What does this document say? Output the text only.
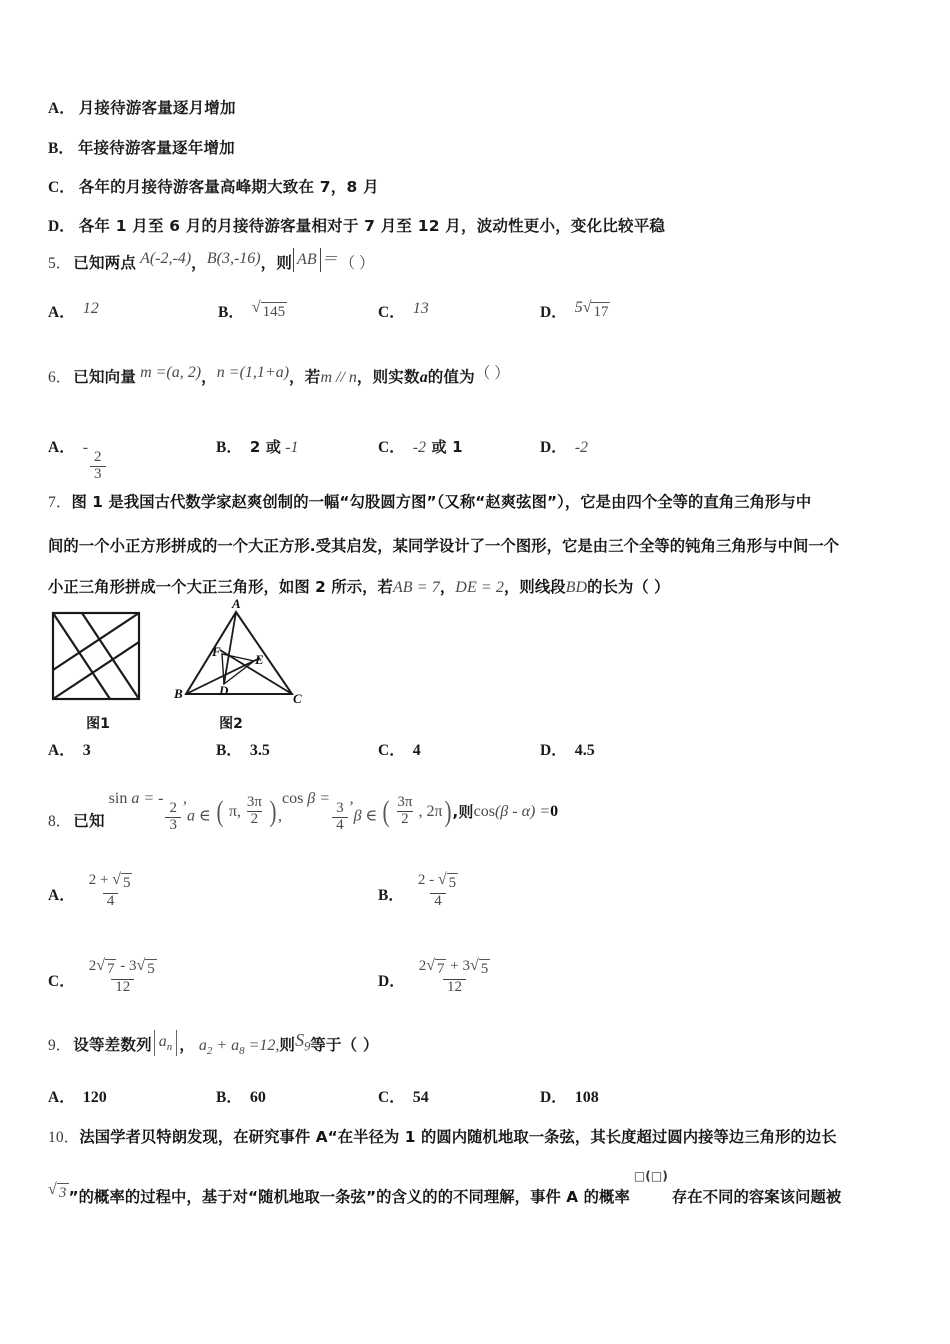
A． 月接待游客量逐月增加
B． 年接待游客量逐年增加
C． 各年的月接待游客量高峰期大致在 7，8 月
D． 各年 1 月至 6 月的月接待游客量相对于 7 月至 12 月，波动性更小，变化比较平稳
5． 已知两点 A(-2,-4) ， B(3,-16) ，则 AB ＝ （ ）
A． 12	B． √ 145	C． 13	D． 5 √ 17
6． 已知向量 m =(a, 2) ， n =(1,1+a) ，若 m // n ，则实数 a 的值为 （ ）
A． -
$\frac{2}{3}$
B． 2 或 -1	C． -2 或 1	D． -2
7．图 1 是我国古代数学家赵爽创制的一幅“勾股圆方图”（又称“赵爽弦图”），它是由四个全等的直角三角形与中
间的一个小正方形拼成的一个大正方形.受其启发，某同学设计了一个图形，它是由三个全等的钝角三角形与中间一个
小正三角形拼成一个大正三角形，如图 2 所示，若AB = 7，DE = 2，则线段BD的长为（ ）
图1
A
B	C
D
E
F
图2
A． 3	B． 3.5	C． 4	D． 4.5
8． 已知
sin a = -
$\frac{2}{3}$
,
a ∈ ( π, $\frac{3\pi}{2}$ ) ,
cos β =
$\frac{3}{4}$
,
β ∈ ( $\frac{3\pi}{2}$ , 2π ) ,则 cos(β - α) = 0
A． $\frac{2 + √ 5}{4}$	B． $\frac{2 - √ 5}{4}$
C． $\frac{2 √ 7 - 3 √ 5}{12}$	D． $\frac{2 √ 7 + 3 √ 5}{12}$
9． 设等差数列 $a_n$ ， $a_2 + a_8 =12$, 则 $S_9$ 等于（ ）
A． 120	B． 60	C． 54	D． 108
10．法国学者贝特朗发现，在研究事件 A“在半径为 1 的圆内随机地取一条弦，其长度超过圆内接等边三角形的边长
√ 3 ”的概率的过程中，基于对“随机地取一条弦”的含义的的不同理解，事件 A 的概率
□(□)
存在不同的容案该问题被
